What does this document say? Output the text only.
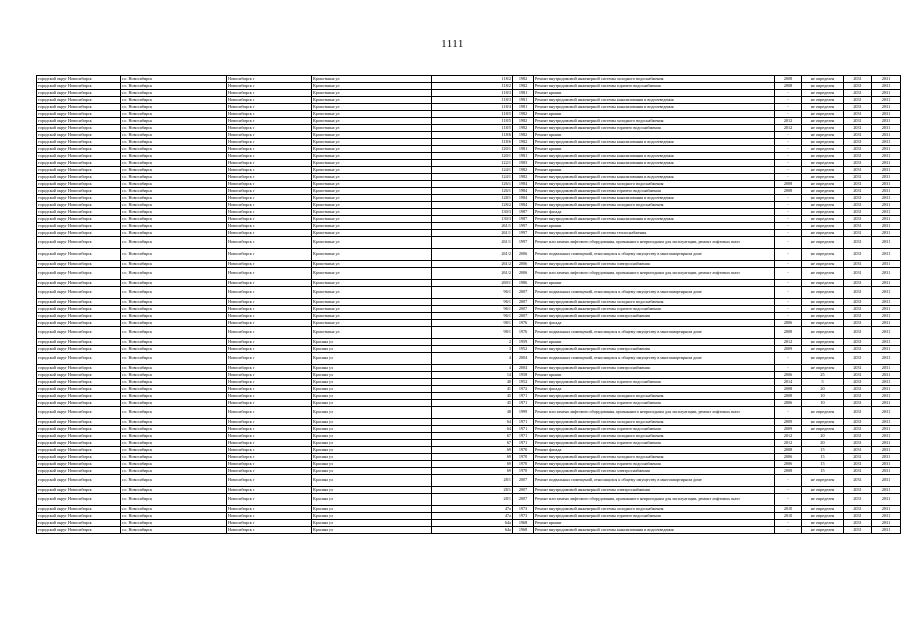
1111
городской округ Новосибирск	г.о. Новосибирск	Новосибирск г	Кропоткина ул	118/2	1982	Ремонт внутридомовой инженерной системы холодного водоснабжения	2008	не определен	2031	2031
городской округ Новосибирск	г.о. Новосибирск	Новосибирск г	Кропоткина ул	118/2	1982	Ремонт внутридомовой инженерной системы горячего водоснабжения	2008	не определен	2031	2031
городской округ Новосибирск	г.о. Новосибирск	Новосибирск г	Кропоткина ул	118/3	1981	Ремонт крыши	-	не определен	2031	2031
городской округ Новосибирск	г.о. Новосибирск	Новосибирск г	Кропоткина ул	118/3	1981	Ремонт внутридомовой инженерной системы канализования и водоотведения	-	не определен	2031	2031
городской округ Новосибирск	г.о. Новосибирск	Новосибирск г	Кропоткина ул	118/4	1981	Ремонт внутридомовой инженерной системы канализования и водоотведения	-	не определен	2031	2031
городской округ Новосибирск	г.о. Новосибирск	Новосибирск г	Кропоткина ул	118/5	1982	Ремонт крыши	-	не определен	2031	2031
городской округ Новосибирск	г.о. Новосибирск	Новосибирск г	Кропоткина ул	118/5	1982	Ремонт внутридомовой инженерной системы холодного водоснабжения	2012	не определен	2031	2031
городской округ Новосибирск	г.о. Новосибирск	Новосибирск г	Кропоткина ул	118/5	1982	Ремонт внутридомовой инженерной системы горячего водоснабжения	2012	не определен	2031	2031
городской округ Новосибирск	г.о. Новосибирск	Новосибирск г	Кропоткина ул	118/6	1982	Ремонт крыши	-	не определен	2031	2031
городской округ Новосибирск	г.о. Новосибирск	Новосибирск г	Кропоткина ул	118/6	1982	Ремонт внутридомовой инженерной системы канализования и водоотведения	-	не определен	2031	2031
городской округ Новосибирск	г.о. Новосибирск	Новосибирск г	Кропоткина ул	120/1	1981	Ремонт крыши	-	не определен	2031	2031
городской округ Новосибирск	г.о. Новосибирск	Новосибирск г	Кропоткина ул	120/1	1981	Ремонт внутридомовой инженерной системы канализования и водоотведения	-	не определен	2031	2031
городской округ Новосибирск	г.о. Новосибирск	Новосибирск г	Кропоткина ул	122/1	1983	Ремонт внутридомовой инженерной системы канализования и водоотведения	-	не определен	2031	2031
городской округ Новосибирск	г.о. Новосибирск	Новосибирск г	Кропоткина ул	124/1	1982	Ремонт крыши	-	не определен	2031	2031
городской округ Новосибирск	г.о. Новосибирск	Новосибирск г	Кропоткина ул	124/1	1982	Ремонт внутридомовой инженерной системы канализования и водоотведения	-	не определен	2031	2031
городской округ Новосибирск	г.о. Новосибирск	Новосибирск г	Кропоткина ул	126/1	1984	Ремонт внутридомовой инженерной системы холодного водоснабжения	2008	не определен	2031	2031
городской округ Новосибирск	г.о. Новосибирск	Новосибирск г	Кропоткина ул	126/1	1984	Ремонт внутридомовой инженерной системы горячего водоснабжения	2008	не определен	2031	2031
городской округ Новосибирск	г.о. Новосибирск	Новосибирск г	Кропоткина ул	128/1	1984	Ремонт внутридомовой инженерной системы канализования и водоотведения	-	не определен	2031	2031
городской округ Новосибирск	г.о. Новосибирск	Новосибирск г	Кропоткина ул	128/2	1984	Ремонт внутридомовой инженерной системы холодного водоснабжения	-	не определен	2031	2031
городской округ Новосибирск	г.о. Новосибирск	Новосибирск г	Кропоткина ул	130/3	1987	Ремонт фасада	-	не определен	2031	2031
городской округ Новосибирск	г.о. Новосибирск	Новосибирск г	Кропоткина ул	130/3	1987	Ремонт внутридомовой инженерной системы канализования и водоотведения	-	не определен	2031	2031
городской округ Новосибирск	г.о. Новосибирск	Новосибирск г	Кропоткина ул	261/1	1997	Ремонт крыши	-	не определен	2031	2031
городской округ Новосибирск	г.о. Новосибирск	Новосибирск г	Кропоткина ул	261/1	1997	Ремонт внутридомовой инженерной системы теплоснабжения	-	не определен	2031	2031
городской округ Новосибирск	г.о. Новосибирск	Новосибирск г	Кропоткина ул	261/1	1997	Ремонт или замена лифтового оборудования, признанного непригодным для эксплуатации, ремонт лифтовых шахт	-	не определен	2031	2031
городской округ Новосибирск	г.о. Новосибирск	Новосибирск г	Кропоткина ул	261/2	2006	Ремонт подвальных помещений, относящихся к общему имуществу в многоквартирном доме	-	не определен	2031	2031
городской округ Новосибирск	г.о. Новосибирск	Новосибирск г	Кропоткина ул	261/2	2006	Ремонт внутридомовой инженерной системы электроснабжения	-	не определен	2031	2031
городской округ Новосибирск	г.о. Новосибирск	Новосибирск г	Кропоткина ул	261/2	2006	Ремонт или замена лифтового оборудования, признанного непригодным для эксплуатации, ремонт лифтовых шахт	-	не определен	2031	2031
городской округ Новосибирск	г.о. Новосибирск	Новосибирск г	Кропоткина ул	269/1	1986	Ремонт крыши	-	не определен	2031	2031
городской округ Новосибирск	г.о. Новосибирск	Новосибирск г	Кропоткина ул	96/1	2007	Ремонт подвальных помещений, относящихся к общему имуществу в многоквартирном доме	-	не определен	2031	2031
городской округ Новосибирск	г.о. Новосибирск	Новосибирск г	Кропоткина ул	96/1	2007	Ремонт внутридомовой инженерной системы холодного водоснабжения	-	не определен	2031	2031
городской округ Новосибирск	г.о. Новосибирск	Новосибирск г	Кропоткина ул	96/1	2007	Ремонт внутридомовой инженерной системы горячего водоснабжения	-	не определен	2031	2031
городской округ Новосибирск	г.о. Новосибирск	Новосибирск г	Кропоткина ул	96/1	2007	Ремонт внутридомовой инженерной системы электроснабжения	-	не определен	2031	2031
городской округ Новосибирск	г.о. Новосибирск	Новосибирск г	Кропоткина ул	98/1	1976	Ремонт фасада	2006	не определен	2031	2031
городской округ Новосибирск	г.о. Новосибирск	Новосибирск г	Кропоткина ул	98/1	1976	Ремонт подвальных помещений, относящихся к общему имуществу в многоквартирном доме	2008	не определен	2031	2031
городской округ Новосибирск	г.о. Новосибирск	Новосибирск г	Красина ул	2	1959	Ремонт крыши	2012	не определен	2031	2031
городской округ Новосибирск	г.о. Новосибирск	Новосибирск г	Красина ул	3	1952	Ремонт внутридомовой инженерной системы электроснабжения	2009	не определен	2031	2031
городской округ Новосибирск	г.о. Новосибирск	Новосибирск г	Красина ул	4	2004	Ремонт подвальных помещений, относящихся к общему имуществу в многоквартирном доме	-	не определен	2031	2031
городской округ Новосибирск	г.о. Новосибирск	Новосибирск г	Красина ул	4	2004	Ремонт внутридомовой инженерной системы электроснабжения	-	не определен	2031	2031
городской округ Новосибирск	г.о. Новосибирск	Новосибирск г	Красина ул	14	1958	Ремонт крыши	2006	25	2031	2031
городской округ Новосибирск	г.о. Новосибирск	Новосибирск г	Красина ул	40	1952	Ремонт внутридомовой инженерной системы горячего водоснабжения	2014	5	2031	2031
городской округ Новосибирск	г.о. Новосибирск	Новосибирск г	Красина ул	41	1972	Ремонт фасада	2008	20	2031	2031
городской округ Новосибирск	г.о. Новосибирск	Новосибирск г	Красина ул	45	1971	Ремонт внутридомовой инженерной системы холодного водоснабжения	2008	10	2031	2031
городской округ Новосибирск	г.о. Новосибирск	Новосибирск г	Красина ул	45	1971	Ремонт внутридомовой инженерной системы горячего водоснабжения	2006	10	2031	2031
городской округ Новосибирск	г.о. Новосибирск	Новосибирск г	Красина ул	48	1999	Ремонт или замена лифтового оборудования, признанного непригодным для эксплуатации, ремонт лифтовых шахт	-	не определен	2031	2031
городской округ Новосибирск	г.о. Новосибирск	Новосибирск г	Красина ул	64	1971	Ремонт внутридомовой инженерной системы холодного водоснабжения	2009	не определен	2031	2031
городской округ Новосибирск	г.о. Новосибирск	Новосибирск г	Красина ул	64	1971	Ремонт внутридомовой инженерной системы горячего водоснабжения	2009	не определен	2031	2031
городской округ Новосибирск	г.о. Новосибирск	Новосибирск г	Красина ул	67	1971	Ремонт внутридомовой инженерной системы холодного водоснабжения	2012	20	2031	2031
городской округ Новосибирск	г.о. Новосибирск	Новосибирск г	Красина ул	67	1971	Ремонт внутридомовой инженерной системы горячего водоснабжения	2012	20	2031	2031
городской округ Новосибирск	г.о. Новосибирск	Новосибирск г	Красина ул	69	1970	Ремонт фасада	2008	15	2031	2031
городской округ Новосибирск	г.о. Новосибирск	Новосибирск г	Красина ул	69	1970	Ремонт внутридомовой инженерной системы холодного водоснабжения	2006	15	2031	2031
городской округ Новосибирск	г.о. Новосибирск	Новосибирск г	Красина ул	69	1970	Ремонт внутридомовой инженерной системы горячего водоснабжения	2006	15	2031	2031
городской округ Новосибирск	г.о. Новосибирск	Новосибирск г	Красина ул	69	1970	Ремонт внутридомовой инженерной системы электроснабжения	2008	15	2031	2031
городской округ Новосибирск	г.о. Новосибирск	Новосибирск г	Красина ул	28/1	2007	Ремонт подвальных помещений, относящихся к общему имуществу в многоквартирном доме	-	не определен	2031	2031
городской округ Новосибирск	г.о. Новосибирск	Новосибирск г	Красина ул	28/1	2007	Ремонт внутридомовой инженерной системы электроснабжения	-	не определен	2031	2031
городской округ Новосибирск	г.о. Новосибирск	Новосибирск г	Красина ул	28/1	2007	Ремонт или замена лифтового оборудования, признанного непригодным для эксплуатации, ремонт лифтовых шахт	-	не определен	2031	2031
городской округ Новосибирск	г.о. Новосибирск	Новосибирск г	Красина ул	47а	1973	Ремонт внутридомовой инженерной системы холодного водоснабжения	2010	не определен	2031	2031
городской округ Новосибирск	г.о. Новосибирск	Новосибирск г	Красина ул	47а	1973	Ремонт внутридомовой инженерной системы горячего водоснабжения	2010	не определен	2031	2031
городской округ Новосибирск	г.о. Новосибирск	Новосибирск г	Красина ул	64а	1968	Ремонт крыши	-	не определен	2031	2031
городской округ Новосибирск	г.о. Новосибирск	Новосибирск г	Красина ул	64а	1968	Ремонт внутридомовой инженерной системы канализования и водоотведения	-	не определен	2031	2031
